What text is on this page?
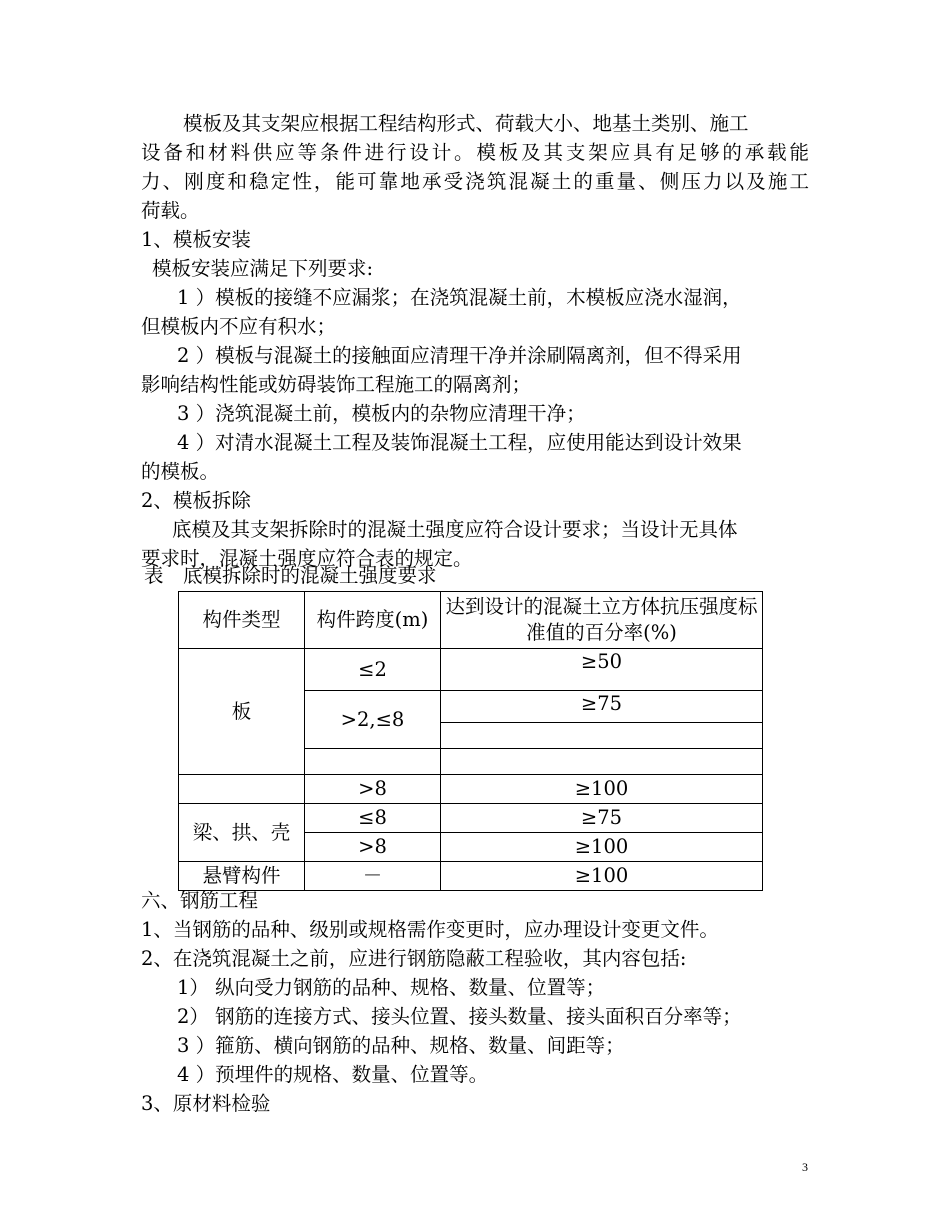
模板及其支架应根据工程结构形式、荷载大小、地基土类别、施工
设备和材料供应等条件进行设计。模板及其支架应具有足够的承载能
力、刚度和稳定性，能可靠地承受浇筑混凝土的重量、侧压力以及施工
荷载。
1、模板安装
模板安装应满足下列要求:
1 ）模板的接缝不应漏浆；在浇筑混凝土前，木模板应浇水湿润，
但模板内不应有积水；
2 ）模板与混凝土的接触面应清理干净并涂刷隔离剂，但不得采用
影响结构性能或妨碍装饰工程施工的隔离剂；
3 ）浇筑混凝土前，模板内的杂物应清理干净；
4 ）对清水混凝土工程及装饰混凝土工程，应使用能达到设计效果
的模板。
2、模板拆除
底模及其支架拆除时的混凝土强度应符合设计要求；当设计无具体
要求时，混凝土强度应符合表的规定。
表　底模拆除时的混凝土强度要求
构件类型	构件跨度(m)	达到设计的混凝土立方体抗压强度标准值的百分率(%)
板	≤2	≥50
	>2,≤8	≥75

	>8	≥100
梁、拱、壳	≤8	≥75
	>8	≥100
悬臂构件	－	≥100
六、钢筋工程
1、当钢筋的品种、级别或规格需作变更时，应办理设计变更文件。
2、在浇筑混凝土之前，应进行钢筋隐蔽工程验收，其内容包括:
1） 纵向受力钢筋的品种、规格、数量、位置等；
2） 钢筋的连接方式、接头位置、接头数量、接头面积百分率等；
3 ）箍筋、横向钢筋的品种、规格、数量、间距等；
4 ）预埋件的规格、数量、位置等。
3、原材料检验
3
